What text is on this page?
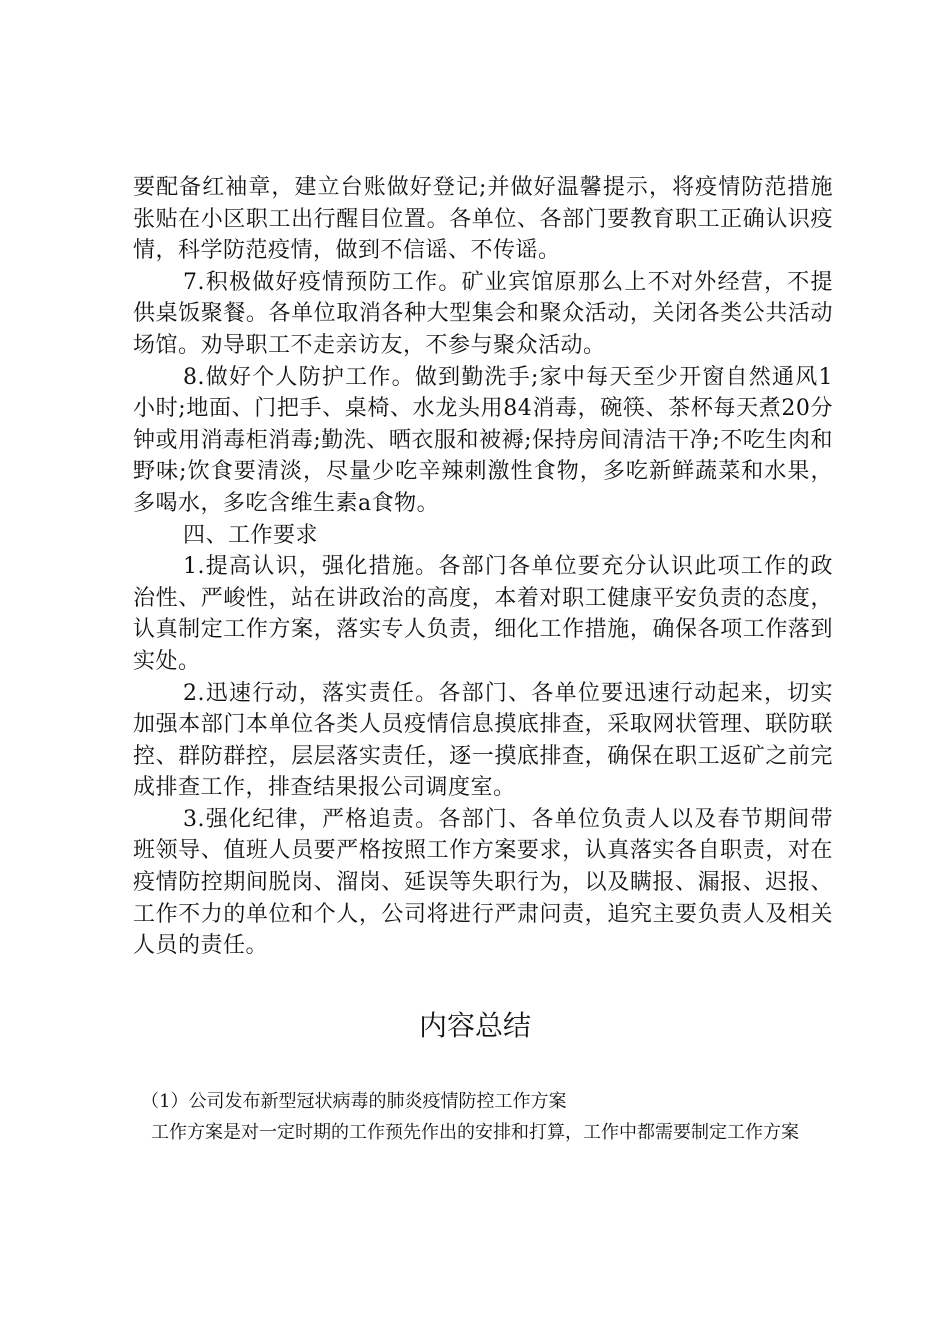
要配备红袖章，建立台账做好登记;并做好温馨提示，将疫情防范措施张贴在小区职工出行醒目位置。各单位、各部门要教育职工正确认识疫情，科学防范疫情，做到不信谣、不传谣。

7.积极做好疫情预防工作。矿业宾馆原那么上不对外经营，不提供桌饭聚餐。各单位取消各种大型集会和聚众活动，关闭各类公共活动场馆。劝导职工不走亲访友，不参与聚众活动。

8.做好个人防护工作。做到勤洗手;家中每天至少开窗自然通风1小时;地面、门把手、桌椅、水龙头用84消毒，碗筷、茶杯每天煮20分钟或用消毒柜消毒;勤洗、晒衣服和被褥;保持房间清洁干净;不吃生肉和野味;饮食要清淡，尽量少吃辛辣刺激性食物，多吃新鲜蔬菜和水果，多喝水，多吃含维生素a食物。

四、工作要求

1.提高认识，强化措施。各部门各单位要充分认识此项工作的政治性、严峻性，站在讲政治的高度，本着对职工健康平安负责的态度，认真制定工作方案，落实专人负责，细化工作措施，确保各项工作落到实处。

2.迅速行动，落实责任。各部门、各单位要迅速行动起来，切实加强本部门本单位各类人员疫情信息摸底排查，采取网状管理、联防联控、群防群控，层层落实责任，逐一摸底排查，确保在职工返矿之前完成排查工作，排查结果报公司调度室。

3.强化纪律，严格追责。各部门、各单位负责人以及春节期间带班领导、值班人员要严格按照工作方案要求，认真落实各自职责，对在疫情防控期间脱岗、溜岗、延误等失职行为，以及瞒报、漏报、迟报、工作不力的单位和个人，公司将进行严肃问责，追究主要负责人及相关人员的责任。

内容总结

（1）公司发布新型冠状病毒的肺炎疫情防控工作方案

工作方案是对一定时期的工作预先作出的安排和打算，工作中都需要制定工作方案
